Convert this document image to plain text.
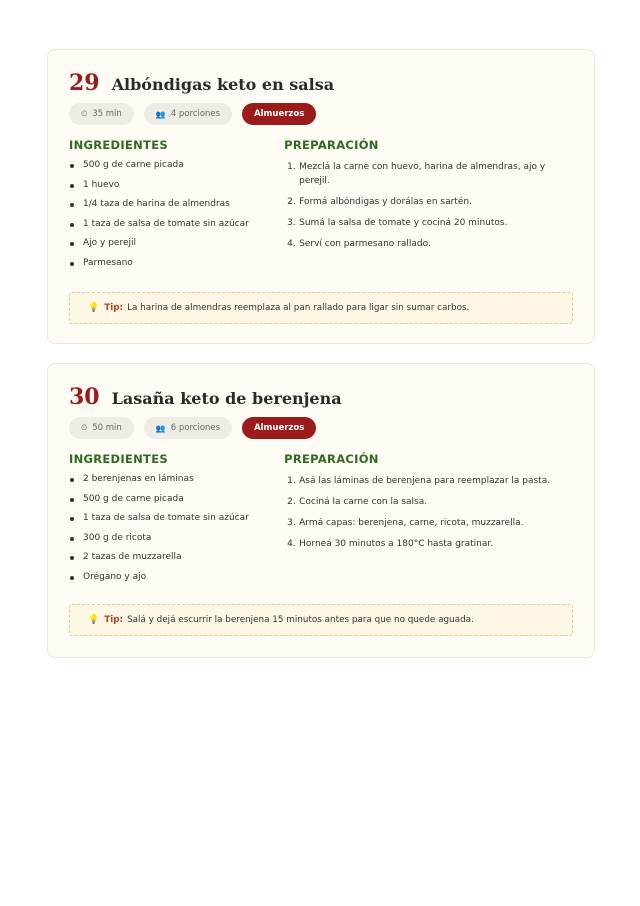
29 Albóndigas keto en salsa
⏲ 35 min	👥 4 porciones	Almuerzos
INGREDIENTES
500 g de carne picada
1 huevo
1/4 taza de harina de almendras
1 taza de salsa de tomate sin azúcar
Ajo y perejil
Parmesano
PREPARACIÓN
1. Mezclá la carne con huevo, harina de almendras, ajo y perejil.
2. Formá albóndigas y dorálas en sartén.
3. Sumá la salsa de tomate y cociná 20 minutos.
4. Serví con parmesano rallado.
💡 Tip: La harina de almendras reemplaza al pan rallado para ligar sin sumar carbos.
30 Lasaña keto de berenjena
⏲ 50 min	👥 6 porciones	Almuerzos
INGREDIENTES
2 berenjenas en láminas
500 g de carne picada
1 taza de salsa de tomate sin azúcar
300 g de ricota
2 tazas de muzzarella
Orégano y ajo
PREPARACIÓN
1. Asá las láminas de berenjena para reemplazar la pasta.
2. Cociná la carne con la salsa.
3. Armá capas: berenjena, carne, ricota, muzzarella.
4. Horneá 30 minutos a 180°C hasta gratinar.
💡 Tip: Salá y dejá escurrir la berenjena 15 minutos antes para que no quede aguada.
